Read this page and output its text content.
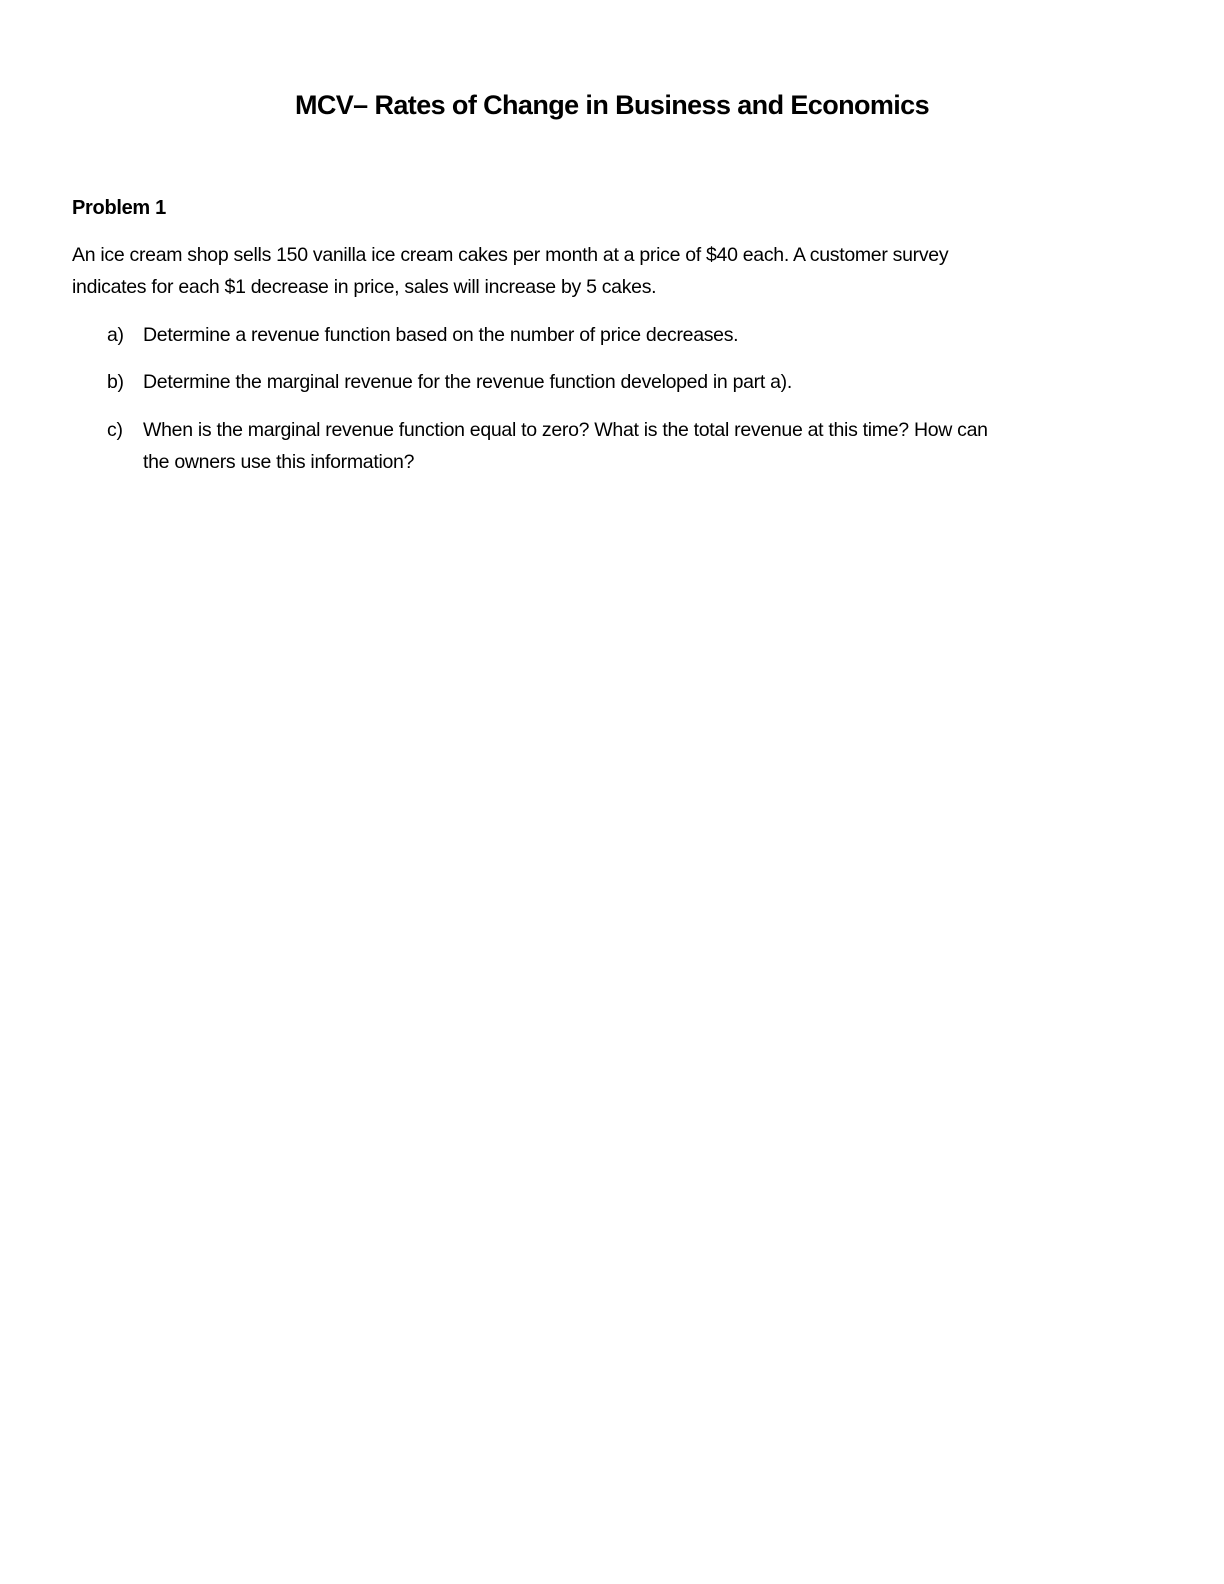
MCV– Rates of Change in Business and Economics
Problem 1
An ice cream shop sells 150 vanilla ice cream cakes per month at a price of $40 each. A customer survey
indicates for each $1 decrease in price, sales will increase by 5 cakes.
a) Determine a revenue function based on the number of price decreases.
b) Determine the marginal revenue for the revenue function developed in part a).
c) When is the marginal revenue function equal to zero? What is the total revenue at this time? How can
the owners use this information?
